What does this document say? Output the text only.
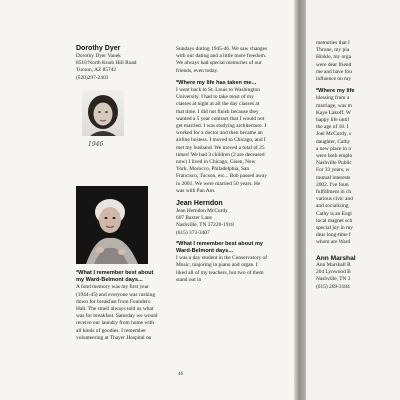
Dorothy Dyer
Dorothy Dyer Vanek
8510 North Knob Hill Road
Tucson, AZ 85742
(520)297-2403
1946
*What I remember best about my Ward-Belmont days...

A fond memory was my first year (1944-45) and everyone was rushing down for breakfast from Founders Hall. The smell always told us what was for breakfast. Saturday we would receive our laundry from home with all kinds of goodies. I remember volunteering at Thayer Hospital on

Sundays during 1945-46. We saw changes with our dating and a little more freedom. We always had special memories of our friends, even today.

*Where my life has taken me...

I went back to St. Louis to Washington University. I had to take most of my classes at night at all the day classes at that time. I did not finish because they wanted a 5 year contract that I would not get married. I was studying architecture. I worked for a doctor and then became an airline hostess. I moved to Chicago, and I met my husband. We moved a total of 25 times! We had 3 children (2 are deceased now) I lived in Chicago, Gisen, New York, Morocco, Philadelphia, San Francisco, Tucson, etc... Bob passed away in 2001. We were married 50 years. He was with Pan Am.

Jean Herndon
Jean Herndon McCurdy
607 Baxter Lane
Nashville, TN 37220-1918
(615) 373-3407
*What I remember best about my Ward-Belmont days...

I was a day student in the Conservatory of Music, majoring in piano and organ. I liked all of my teachers, but two of them stand out in

46
memories that I
Throne, my pia
Hinkle, my orga
were dear friend
me and have fou
influence on my
*Where my life
blessing from a
marriage, was m
Kaye Lakoff. W
happy life until
the age of 10. I
Joel McCurdy, s
daughter, Cathy
a new place in n
were both emplo
Nashville Public
For 33 years, w
mutual interests
2002. I've foun
fulfillment in ch
various civic and
and socializing
Cathy is an Engl
local magnet sch
special joy in my
dear long-time f
whom are Ward
Ann Marshal
Ann Marshall R
204 Lynwood B
Nashville, TN 3
(615) 269-3184
